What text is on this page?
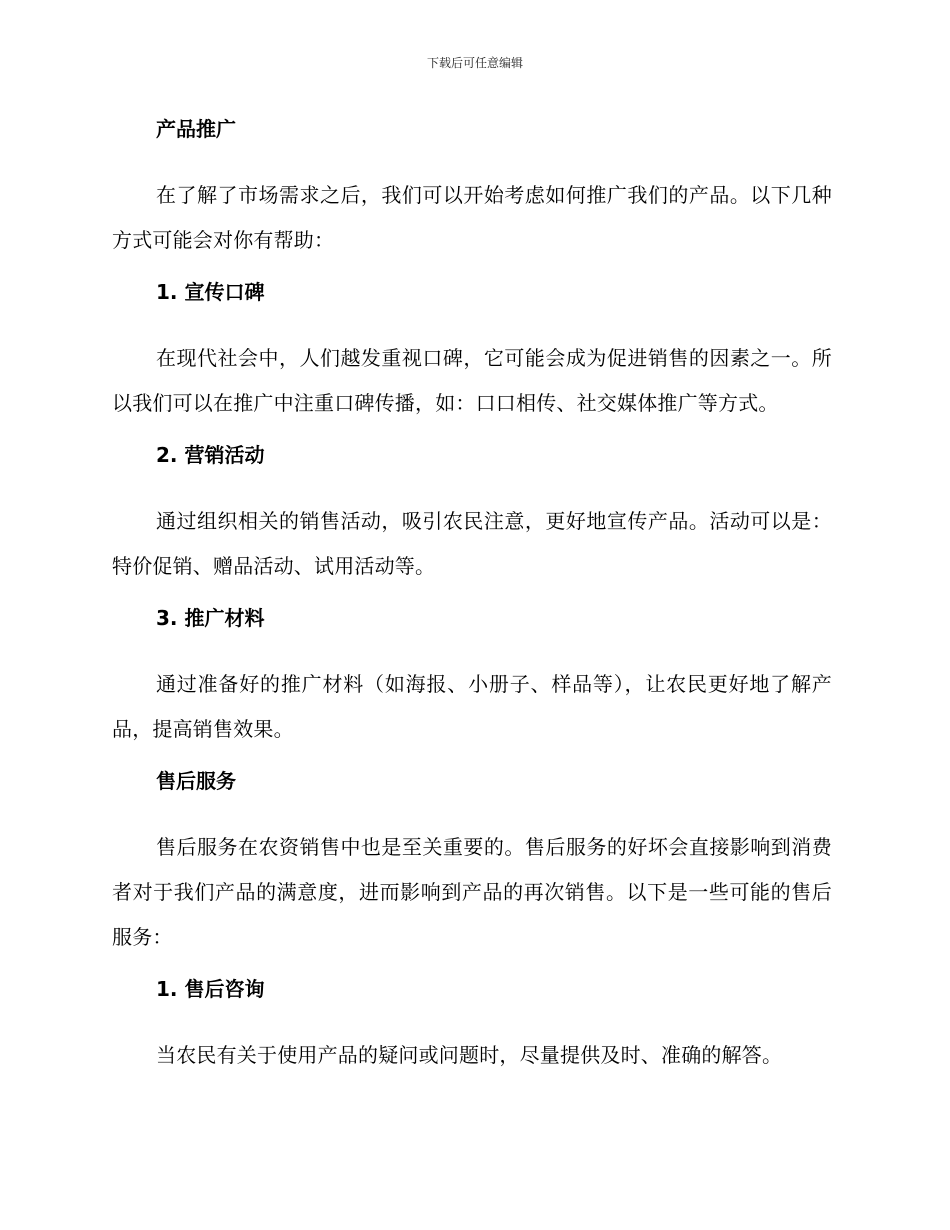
下载后可任意编辑
产品推广

在了解了市场需求之后，我们可以开始考虑如何推广我们的产品。以下几种方式可能会对你有帮助：

1. 宣传口碑

在现代社会中，人们越发重视口碑，它可能会成为促进销售的因素之一。所以我们可以在推广中注重口碑传播，如：口口相传、社交媒体推广等方式。

2. 营销活动

通过组织相关的销售活动，吸引农民注意，更好地宣传产品。活动可以是：特价促销、赠品活动、试用活动等。

3. 推广材料

通过准备好的推广材料（如海报、小册子、样品等），让农民更好地了解产品，提高销售效果。

售后服务

售后服务在农资销售中也是至关重要的。售后服务的好坏会直接影响到消费者对于我们产品的满意度，进而影响到产品的再次销售。以下是一些可能的售后服务：

1. 售后咨询

当农民有关于使用产品的疑问或问题时，尽量提供及时、准确的解答。
